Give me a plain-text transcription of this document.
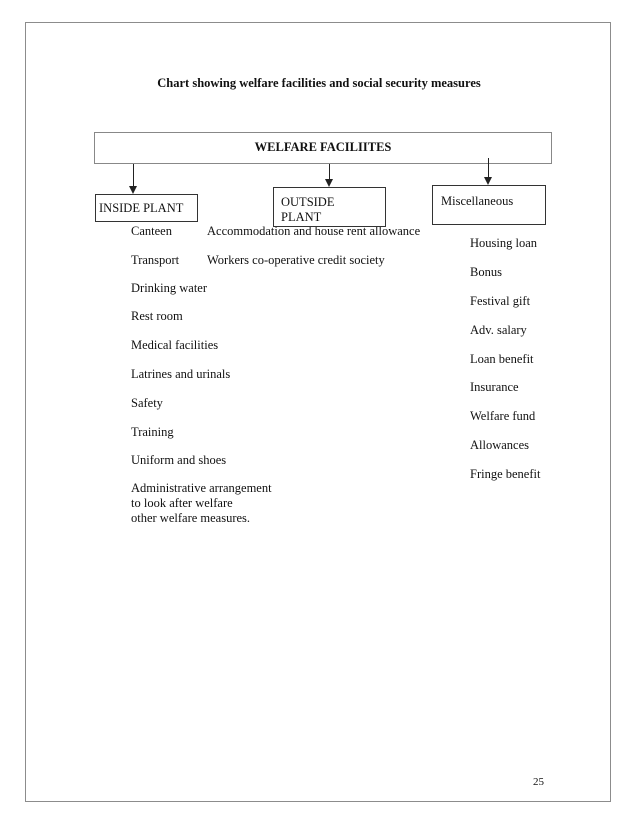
Chart showing welfare facilities and social security measures
WELFARE FACILIITES
Canteen
Transport
Drinking water
Rest room
Medical facilities
Latrines and urinals
Safety
Training
Uniform and shoes
Administrative arrangement
to look after welfare
other welfare measures.
Accommodation and house rent allowance
Workers co-operative credit society
INSIDE PLANT	OUTSIDE
PLANT
Miscellaneous
Housing loan
Bonus
Festival gift
Adv. salary
Loan benefit
Insurance
Welfare fund
Allowances
Fringe benefit
25
